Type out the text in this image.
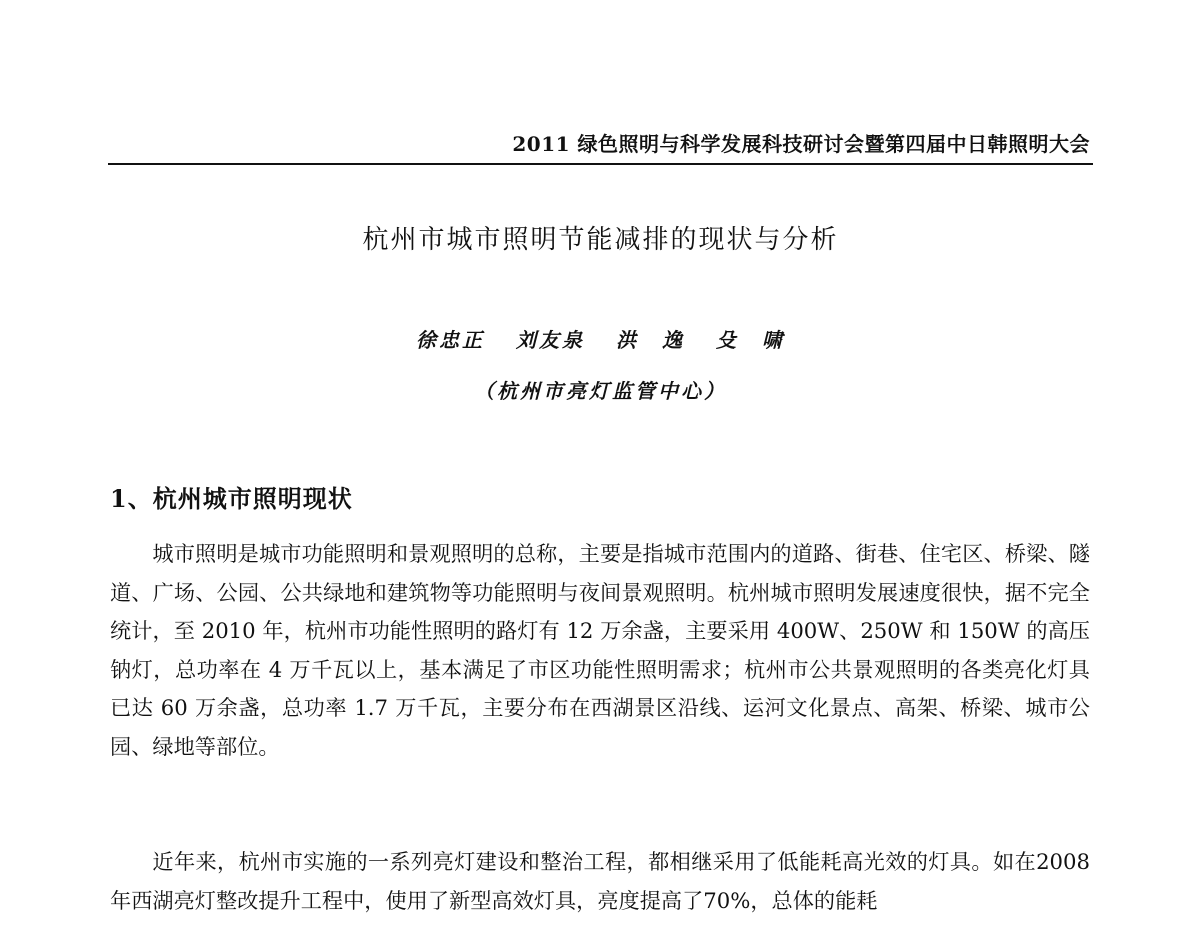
2011 绿色照明与科学发展科技研讨会暨第四届中日韩照明大会
杭州市城市照明节能减排的现状与分析
徐忠正 刘友泉 洪　逸 殳　啸
（杭州市亮灯监管中心）
1、杭州城市照明现状

城市照明是城市功能照明和景观照明的总称，主要是指城市范围内的道路、街巷、住宅区、桥梁、隧道、广场、公园、公共绿地和建筑物等功能照明与夜间景观照明。杭州城市照明发展速度很快，据不完全统计，至 2010 年，杭州市功能性照明的路灯有 12 万余盏，主要采用 400W、250W 和 150W 的高压钠灯，总功率在 4 万千瓦以上，基本满足了市区功能性照明需求；杭州市公共景观照明的各类亮化灯具已达 60 万余盏，总功率 1.7 万千瓦，主要分布在西湖景区沿线、运河文化景点、高架、桥梁、城市公园、绿地等部位。

近年来，杭州市实施的一系列亮灯建设和整治工程，都相继采用了低能耗高光效的灯具。如在2008年西湖亮灯整改提升工程中，使用了新型高效灯具，亮度提高了70%，总体的能耗
